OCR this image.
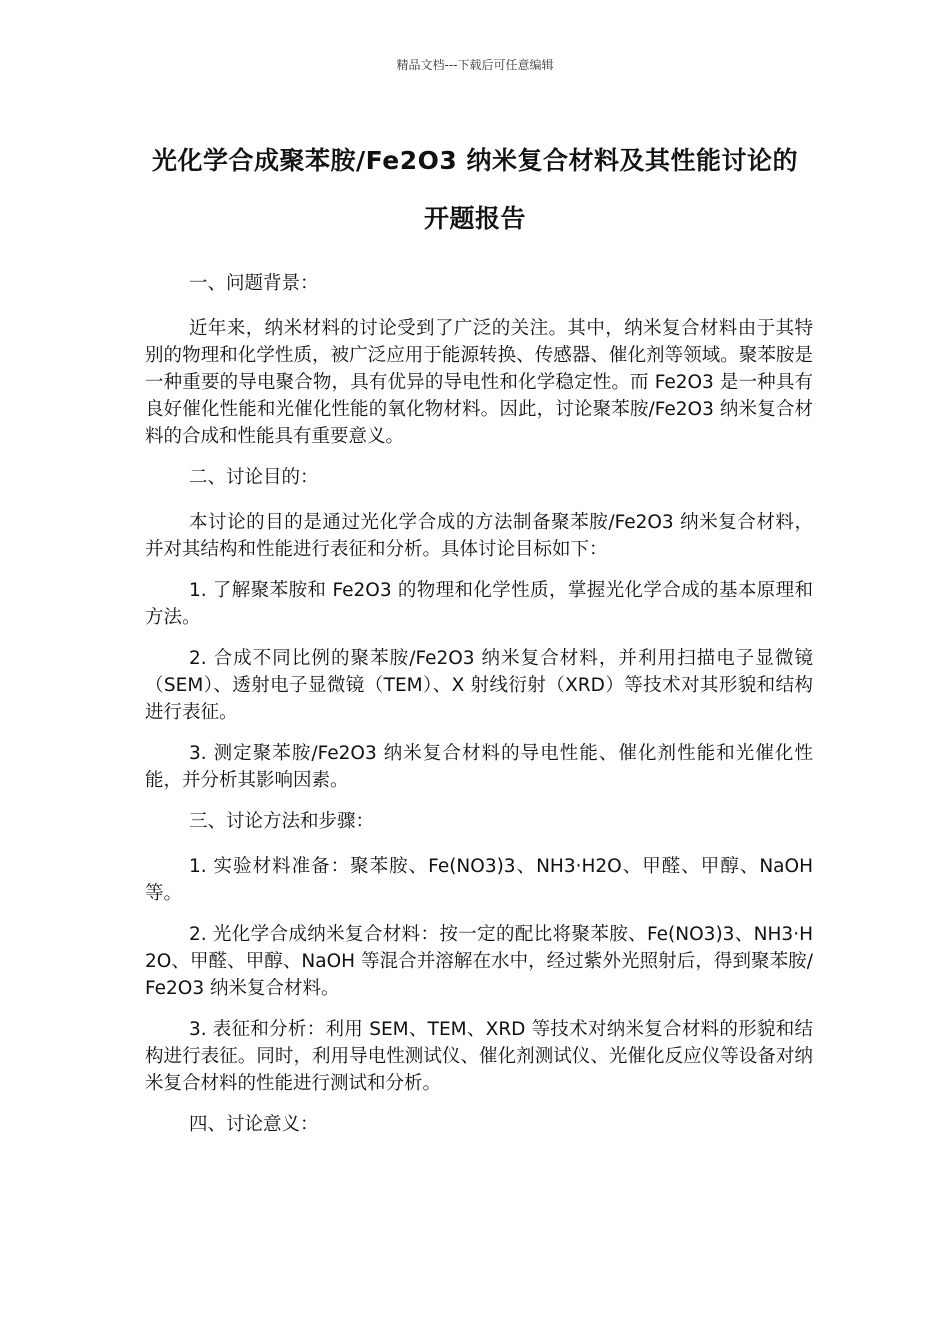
精品文档---下载后可任意编辑
光化学合成聚苯胺/Fe2O3 纳米复合材料及其性能讨论的开题报告

一、问题背景：

近年来，纳米材料的讨论受到了广泛的关注。其中，纳米复合材料由于其特别的物理和化学性质，被广泛应用于能源转换、传感器、催化剂等领域。聚苯胺是一种重要的导电聚合物，具有优异的导电性和化学稳定性。而 Fe2O3 是一种具有良好催化性能和光催化性能的氧化物材料。因此，讨论聚苯胺/Fe2O3 纳米复合材料的合成和性能具有重要意义。

二、讨论目的：

本讨论的目的是通过光化学合成的方法制备聚苯胺/Fe2O3 纳米复合材料，并对其结构和性能进行表征和分析。具体讨论目标如下：

1. 了解聚苯胺和 Fe2O3 的物理和化学性质，掌握光化学合成的基本原理和方法。

2. 合成不同比例的聚苯胺/Fe2O3 纳米复合材料，并利用扫描电子显微镜（SEM）、透射电子显微镜（TEM）、X 射线衍射（XRD）等技术对其形貌和结构进行表征。

3. 测定聚苯胺/Fe2O3 纳米复合材料的导电性能、催化剂性能和光催化性能，并分析其影响因素。

三、讨论方法和步骤：

1. 实验材料准备：聚苯胺、Fe(NO3)3、NH3·H2O、甲醛、甲醇、NaOH 等。

2. 光化学合成纳米复合材料：按一定的配比将聚苯胺、Fe(NO3)3、NH3·H2O、甲醛、甲醇、NaOH 等混合并溶解在水中，经过紫外光照射后，得到聚苯胺/Fe2O3 纳米复合材料。

3. 表征和分析：利用 SEM、TEM、XRD 等技术对纳米复合材料的形貌和结构进行表征。同时，利用导电性测试仪、催化剂测试仪、光催化反应仪等设备对纳米复合材料的性能进行测试和分析。

四、讨论意义：
